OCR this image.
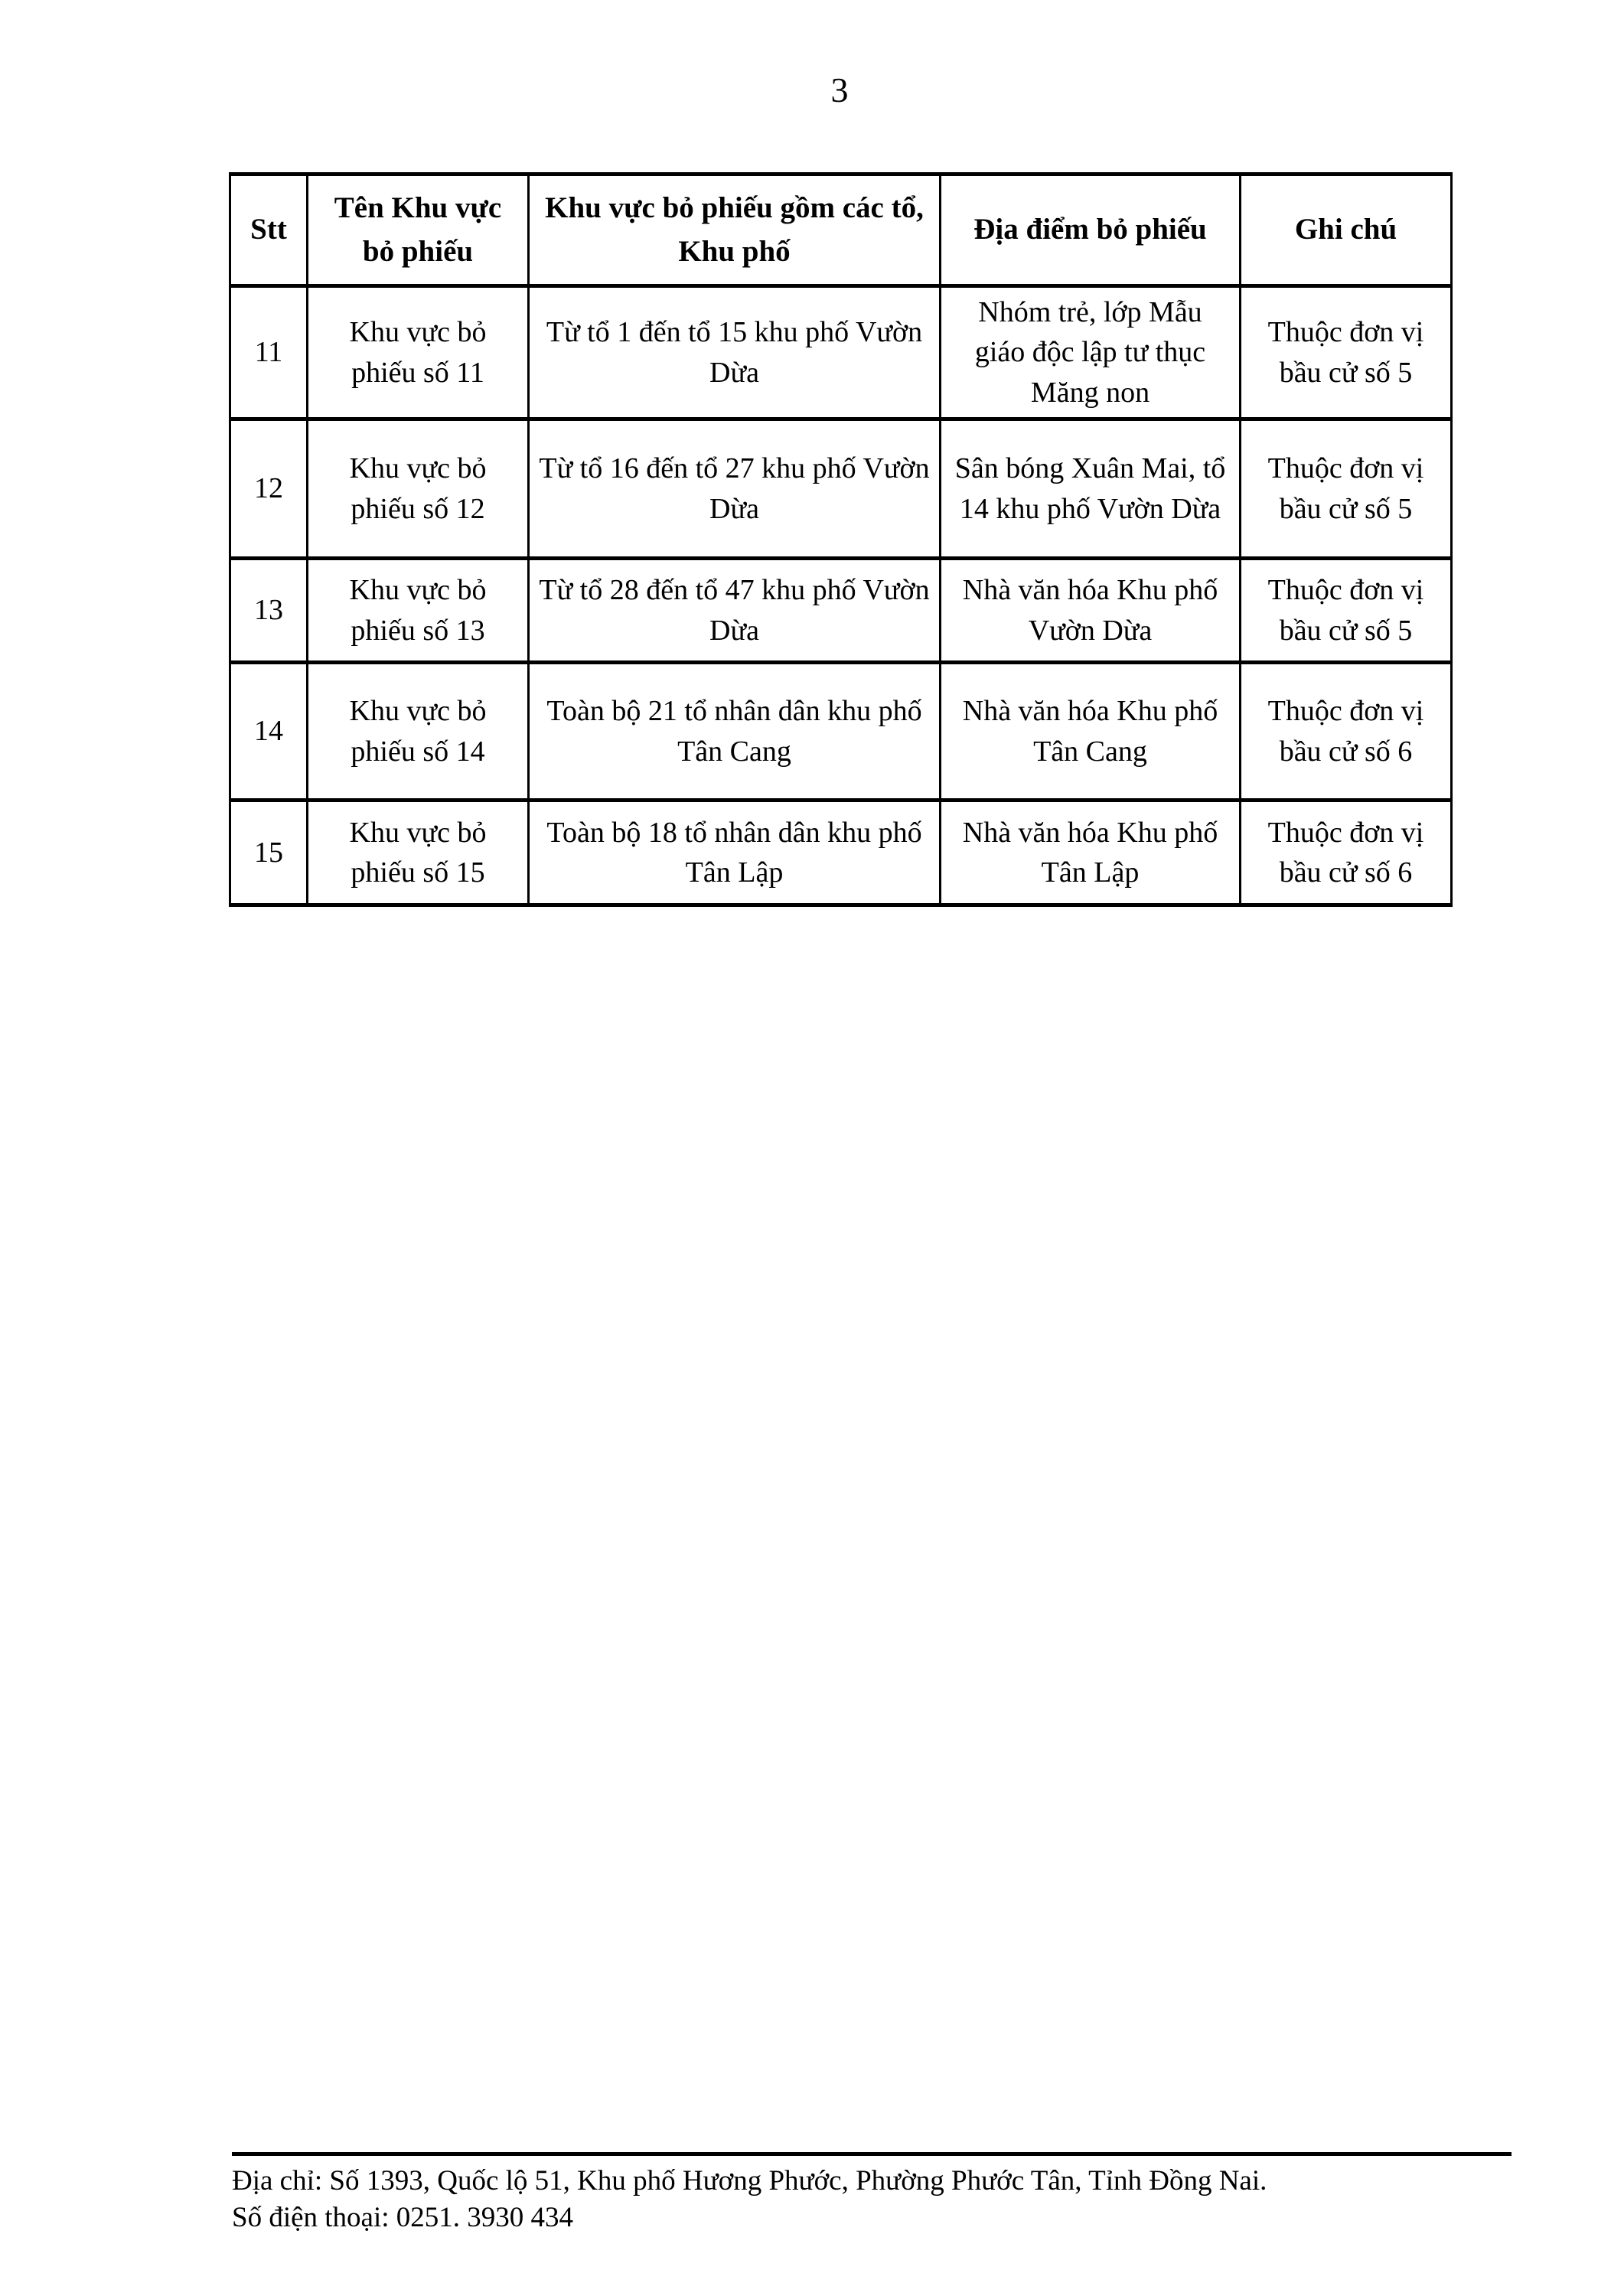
3
Stt	Tên Khu vực bỏ phiếu	Khu vực bỏ phiếu gồm các tổ, Khu phố	Địa điểm bỏ phiếu	Ghi chú
11	Khu vực bỏ phiếu số 11	Từ tổ 1 đến tổ 15 khu phố Vườn Dừa	Nhóm trẻ, lớp Mẫu giáo độc lập tư thục Măng non	Thuộc đơn vị bầu cử số 5
12	Khu vực bỏ phiếu số 12	Từ tổ 16 đến tổ 27 khu phố Vườn Dừa	Sân bóng Xuân Mai, tổ 14 khu phố Vườn Dừa	Thuộc đơn vị bầu cử số 5
13	Khu vực bỏ phiếu số 13	Từ tổ 28 đến tổ 47 khu phố Vườn Dừa	Nhà văn hóa Khu phố Vườn Dừa	Thuộc đơn vị bầu cử số 5
14	Khu vực bỏ phiếu số 14	Toàn bộ 21 tổ nhân dân khu phố Tân Cang	Nhà văn hóa Khu phố Tân Cang	Thuộc đơn vị bầu cử số 6
15	Khu vực bỏ phiếu số 15	Toàn bộ 18 tổ nhân dân khu phố Tân Lập	Nhà văn hóa Khu phố Tân Lập	Thuộc đơn vị bầu cử số 6
Địa chỉ: Số 1393, Quốc lộ 51, Khu phố Hương Phước, Phường Phước Tân, Tỉnh Đồng Nai.
Số điện thoại: 0251. 3930 434
